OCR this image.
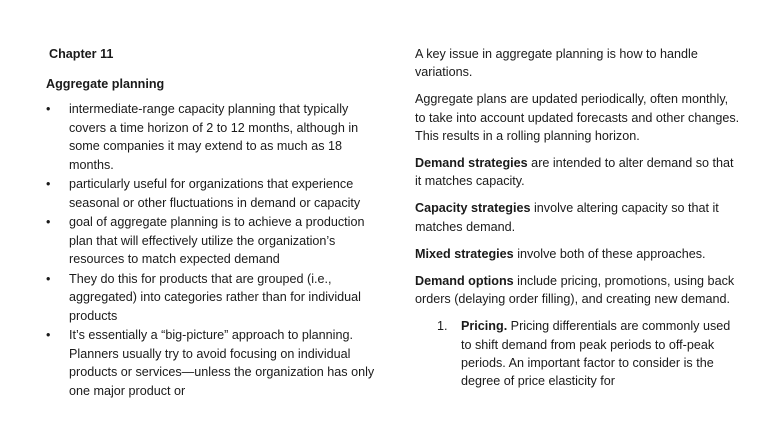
Chapter 11
Aggregate planning
• intermediate-range capacity planning that typically covers a time horizon of 2 to 12 months, although in some companies it may extend to as much as 18 months.
• particularly useful for organizations that experience seasonal or other fluctuations in demand or capacity
• goal of aggregate planning is to achieve a production plan that will effectively utilize the organization’s resources to match expected demand
• They do this for products that are grouped (i.e., aggregated) into categories rather than for individual products
• It’s essentially a “big-picture” approach to planning. Planners usually try to avoid focusing on individual products or services—unless the organization has only one major product or

A key issue in aggregate planning is how to handle variations.

Aggregate plans are updated periodically, often monthly, to take into account updated forecasts and other changes. This results in a rolling planning horizon.

Demand strategies are intended to alter demand so that it matches capacity.

Capacity strategies involve altering capacity so that it matches demand.

Mixed strategies involve both of these approaches.

Demand options include pricing, promotions, using back orders (delaying order filling), and creating new demand.

1. Pricing. Pricing differentials are commonly used to shift demand from peak periods to off-peak periods. An important factor to consider is the degree of price elasticity for
